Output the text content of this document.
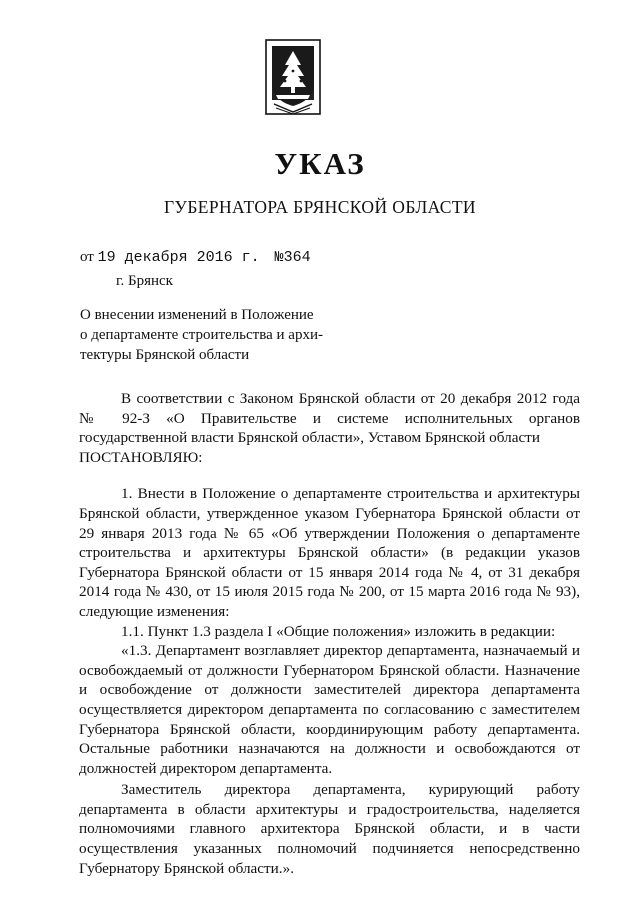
УКАЗ
ГУБЕРНАТОРА БРЯНСКОЙ ОБЛАСТИ
от 19 декабря 2016 г. №364
г. Брянск
О внесении изменений в Положение
о департаменте строительства и архи-
тектуры Брянской области

В соответствии с Законом Брянской области от 20 декабря 2012 года № 92-З «О Правительстве и системе исполнительных органов государственной власти Брянской области», Уставом Брянской области

ПОСТАНОВЛЯЮ:

1. Внести в Положение о департаменте строительства и архитектуры Брянской области, утвержденное указом Губернатора Брянской области от 29 января 2013 года № 65 «Об утверждении Положения о департаменте строительства и архитектуры Брянской области» (в редакции указов Губернатора Брянской области от 15 января 2014 года № 4, от 31 декабря 2014 года № 430, от 15 июля 2015 года № 200, от 15 марта 2016 года № 93), следующие изменения:

1.1. Пункт 1.3 раздела I «Общие положения» изложить в редакции:

«1.3. Департамент возглавляет директор департамента, назначаемый и освобождаемый от должности Губернатором Брянской области. Назначение и освобождение от должности заместителей директора департамента осуществляется директором департамента по согласованию с заместителем Губернатора Брянской области, координирующим работу департамента. Остальные работники назначаются на должности и освобождаются от должностей директором департамента.

Заместитель директора департамента, курирующий работу департамента в области архитектуры и градостроительства, наделяется полномочиями главного архитектора Брянской области, и в части осуществления указанных полномочий подчиняется непосредственно Губернатору Брянской области.».
